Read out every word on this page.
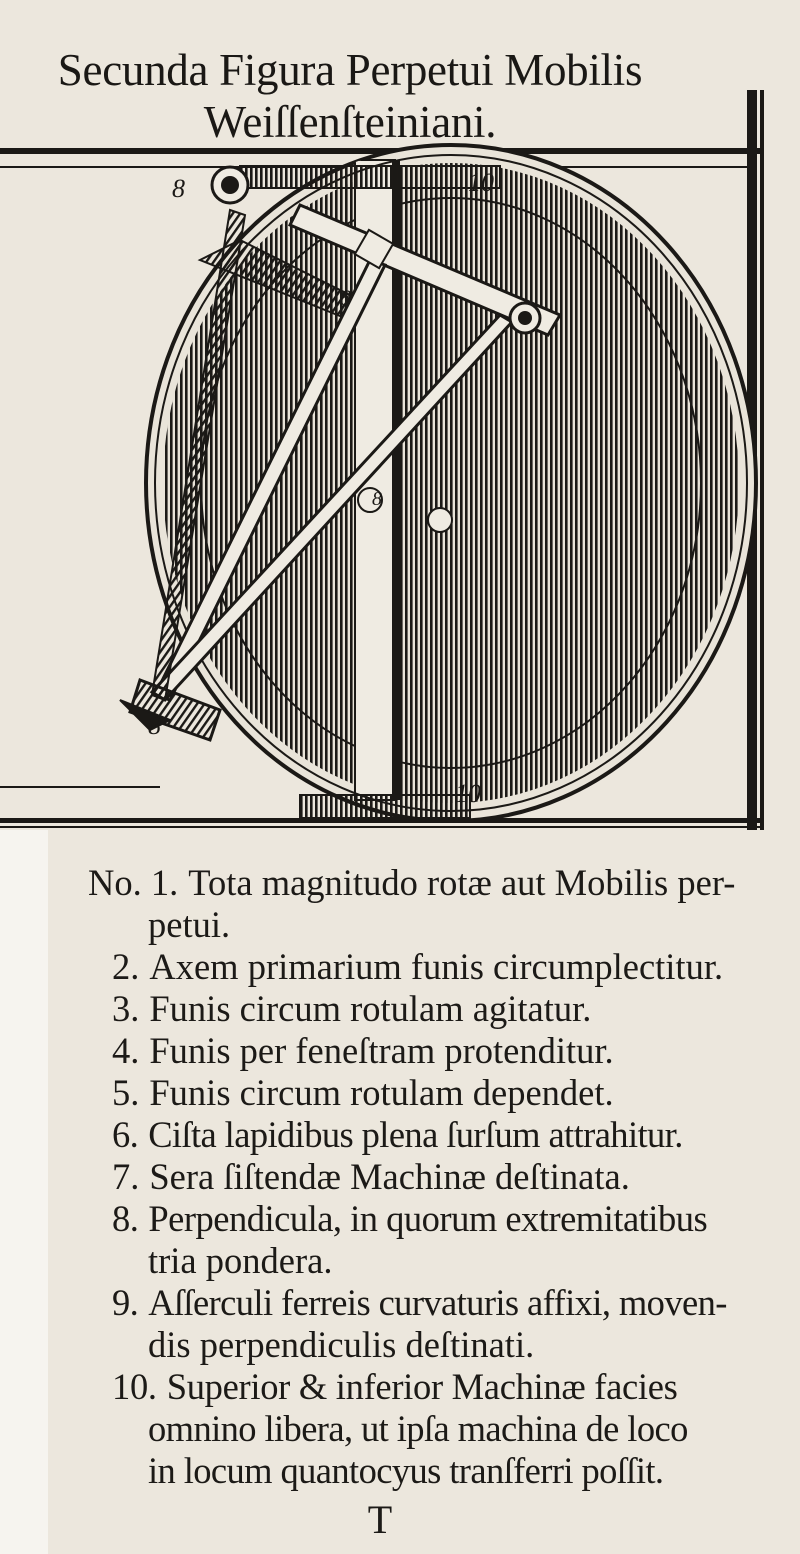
Secunda Figura Perpetui Mobilis
Weiſſenſteiniani.
8	10
8
10
8
8
No. 1. Tota magnitudo rotæ aut Mobilis per-
petui.
2. Axem primarium funis circumplectitur.
3. Funis circum rotulam agitatur.
4. Funis per feneſtram protenditur.
5. Funis circum rotulam dependet.
6. Ciſta lapidibus plena ſurſum attrahitur.
7. Sera ſiſtendæ Machinæ deſtinata.
8. Perpendicula, in quorum extremitatibus
tria pondera.
9. Aſſerculi ferreis curvaturis affixi, moven-
dis perpendiculis deſtinati.
10. Superior & inferior Machinæ facies
omnino libera, ut ipſa machina de loco
in locum quantocyus tranſferri poſſit.
T
